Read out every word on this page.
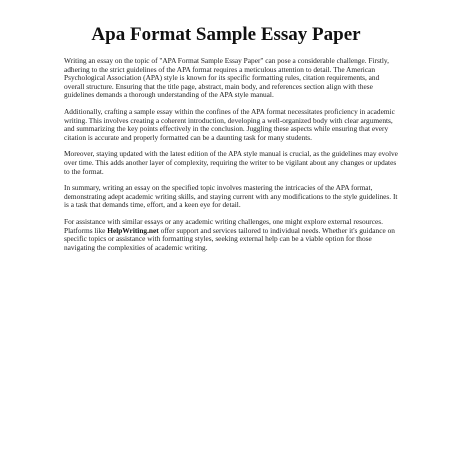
Apa Format Sample Essay Paper

Writing an essay on the topic of "APA Format Sample Essay Paper" can pose a considerable challenge. Firstly, adhering to the strict guidelines of the APA format requires a meticulous attention to detail. The American Psychological Association (APA) style is known for its specific formatting rules, citation requirements, and overall structure. Ensuring that the title page, abstract, main body, and references section align with these guidelines demands a thorough understanding of the APA style manual.

Additionally, crafting a sample essay within the confines of the APA format necessitates proficiency in academic writing. This involves creating a coherent introduction, developing a well-organized body with clear arguments, and summarizing the key points effectively in the conclusion. Juggling these aspects while ensuring that every citation is accurate and properly formatted can be a daunting task for many students.

Moreover, staying updated with the latest edition of the APA style manual is crucial, as the guidelines may evolve over time. This adds another layer of complexity, requiring the writer to be vigilant about any changes or updates to the format.

In summary, writing an essay on the specified topic involves mastering the intricacies of the APA format, demonstrating adept academic writing skills, and staying current with any modifications to the style guidelines. It is a task that demands time, effort, and a keen eye for detail.

For assistance with similar essays or any academic writing challenges, one might explore external resources. Platforms like HelpWriting.net offer support and services tailored to individual needs. Whether it's guidance on specific topics or assistance with formatting styles, seeking external help can be a viable option for those navigating the complexities of academic writing.
